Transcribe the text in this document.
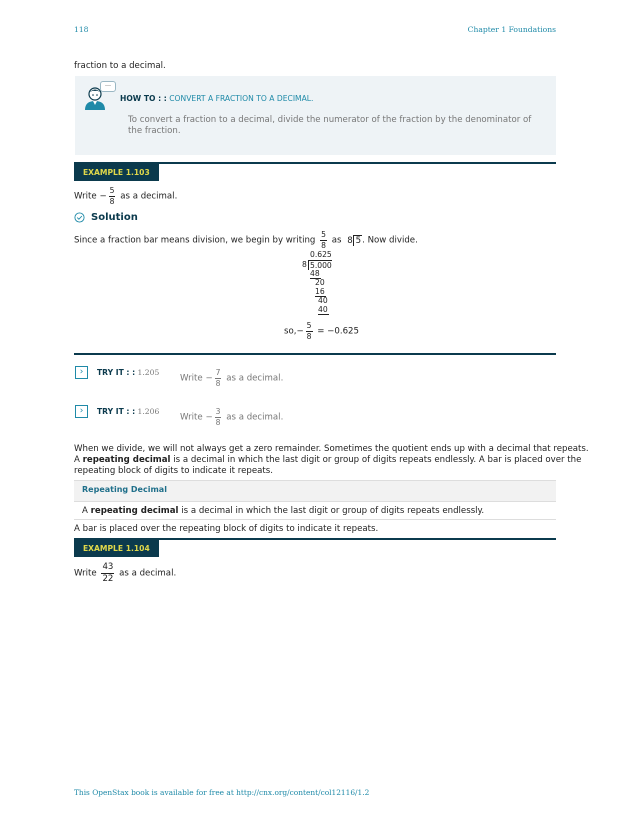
118	Chapter 1 Foundations
fraction to a decimal.
…
HOW TO : : CONVERT A FRACTION TO A DECIMAL.
To convert a fraction to a decimal, divide the numerator of the fraction by the denominator of the fraction.
EXAMPLE 1.103
Write − $\frac{5}{8}$ as a decimal.
Solution
Since a fraction bar means division, we begin by writing $\frac{5}{8}$ as 8 5. Now divide.
0.625
8 5.000
48
20
16
40
40
$so,- \frac{5}{8} = -0.625$
›	TRY IT : : 1.205
Write − $\frac{7}{8}$ as a decimal.
›	TRY IT : : 1.206
Write − $\frac{3}{8}$ as a decimal.
When we divide, we will not always get a zero remainder. Sometimes the quotient ends up with a decimal that repeats.
A repeating decimal is a decimal in which the last digit or group of digits repeats endlessly. A bar is placed over the
repeating block of digits to indicate it repeats.
Repeating Decimal
A repeating decimal is a decimal in which the last digit or group of digits repeats endlessly.
A bar is placed over the repeating block of digits to indicate it repeats.
EXAMPLE 1.104
Write $\frac{43}{22}$ as a decimal.
This OpenStax book is available for free at http://cnx.org/content/col12116/1.2
